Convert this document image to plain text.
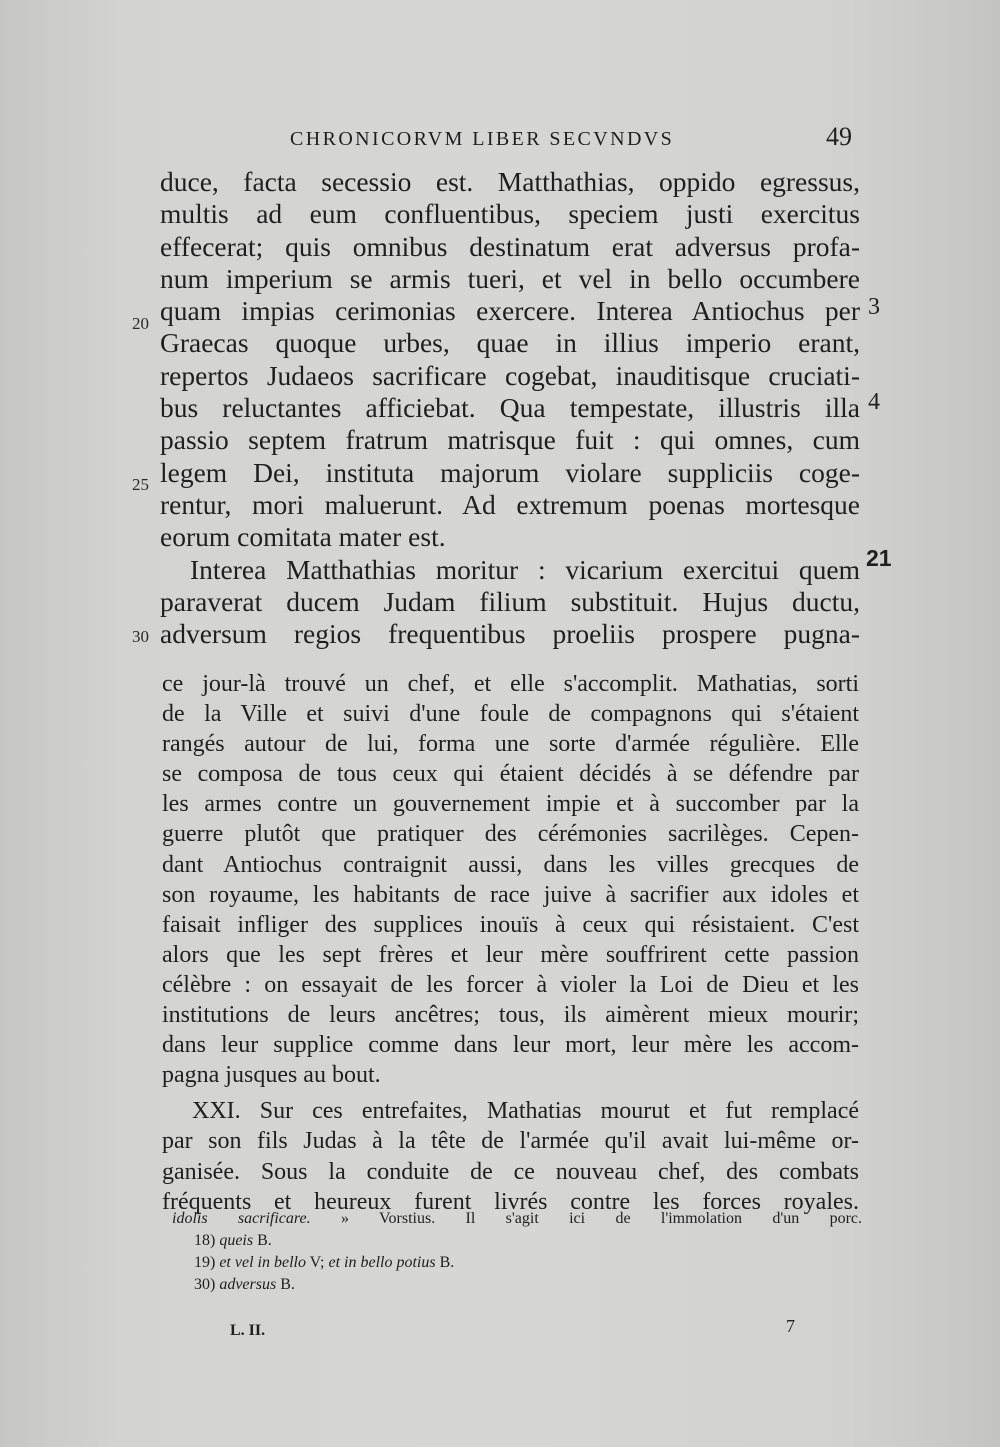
CHRONICORVM LIBER SECVNDVS	49
duce, facta secessio est. Matthathias, oppido egressus,
multis ad eum confluentibus, speciem justi exercitus
effecerat; quis omnibus destinatum erat adversus profa-
num imperium se armis tueri, et vel in bello occumbere
quam impias cerimonias exercere. Interea Antiochus per
Graecas quoque urbes, quae in illius imperio erant,
repertos Judaeos sacrificare cogebat, inauditisque cruciati-
bus reluctantes afficiebat. Qua tempestate, illustris illa
passio septem fratrum matrisque fuit : qui omnes, cum
legem Dei, instituta majorum violare suppliciis coge-
rentur, mori maluerunt. Ad extremum poenas mortesque
eorum comitata mater est.
Interea Matthathias moritur : vicarium exercitui quem
paraverat ducem Judam filium substituit. Hujus ductu,
adversum regios frequentibus proeliis prospere pugna-
20
25
30
3
4
21
ce jour-là trouvé un chef, et elle s'accomplit. Mathatias, sorti
de la Ville et suivi d'une foule de compagnons qui s'étaient
rangés autour de lui, forma une sorte d'armée régulière. Elle
se composa de tous ceux qui étaient décidés à se défendre par
les armes contre un gouvernement impie et à succomber par la
guerre plutôt que pratiquer des cérémonies sacrilèges. Cepen-
dant Antiochus contraignit aussi, dans les villes grecques de
son royaume, les habitants de race juive à sacrifier aux idoles et
faisait infliger des supplices inouïs à ceux qui résistaient. C'est
alors que les sept frères et leur mère souffrirent cette passion
célèbre : on essayait de les forcer à violer la Loi de Dieu et les
institutions de leurs ancêtres; tous, ils aimèrent mieux mourir;
dans leur supplice comme dans leur mort, leur mère les accom-
pagna jusques au bout.
XXI. Sur ces entrefaites, Mathatias mourut et fut remplacé
par son fils Judas à la tête de l'armée qu'il avait lui-même or-
ganisée. Sous la conduite de ce nouveau chef, des combats
fréquents et heureux furent livrés contre les forces royales.
idolis sacrificare. » Vorstius. Il s'agit ici de l'immolation d'un porc.
18) queis B.
19) et vel in bello V; et in bello potius B.
30) adversus B.
L. II.	7
